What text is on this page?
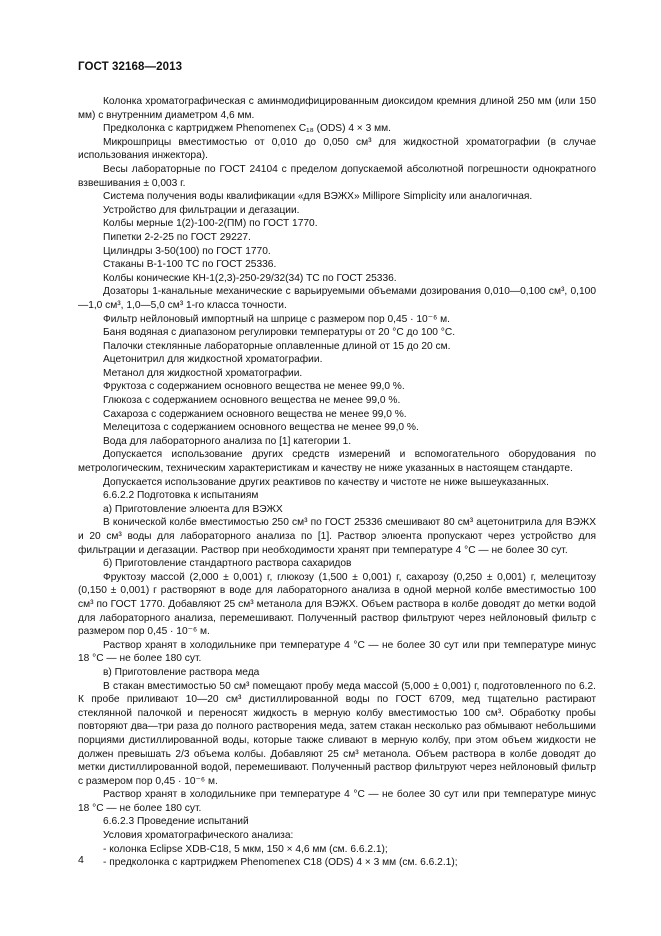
ГОСТ 32168—2013

Колонка хроматографическая с аминмодифицированным диоксидом кремния длиной 250 мм (или 150 мм) с внутренним диаметром 4,6 мм.

Предколонка с картриджем Phenomenex C₁₈ (ODS) 4 × 3 мм.

Микрошприцы вместимостью от 0,010 до 0,050 см³ для жидкостной хроматографии (в случае использования инжектора).

Весы лабораторные по ГОСТ 24104 с пределом допускаемой абсолютной погрешности однократного взвешивания ± 0,003 г.

Система получения воды квалификации «для ВЭЖХ» Millipore Simplicity или аналогичная.

Устройство для фильтрации и дегазации.

Колбы мерные 1(2)-100-2(ПМ) по ГОСТ 1770.

Пипетки 2-2-25 по ГОСТ 29227.

Цилиндры 3-50(100) по ГОСТ 1770.

Стаканы В-1-100 ТС по ГОСТ 25336.

Колбы конические КН-1(2,3)-250-29/32(34) ТС по ГОСТ 25336.

Дозаторы 1-канальные механические с варьируемыми объемами дозирования 0,010—0,100 см³, 0,100—1,0 см³, 1,0—5,0 см³ 1-го класса точности.

Фильтр нейлоновый импортный на шприце с размером пор 0,45 · 10⁻⁶ м.

Баня водяная с диапазоном регулировки температуры от 20 °С до 100 °С.

Палочки стеклянные лабораторные оплавленные длиной от 15 до 20 см.

Ацетонитрил для жидкостной хроматографии.

Метанол для жидкостной хроматографии.

Фруктоза с содержанием основного вещества не менее 99,0 %.

Глюкоза с содержанием основного вещества не менее 99,0 %.

Сахароза с содержанием основного вещества не менее 99,0 %.

Мелецитоза с содержанием основного вещества не менее 99,0 %.

Вода для лабораторного анализа по [1] категории 1.

Допускается использование других средств измерений и вспомогательного оборудования по метрологическим, техническим характеристикам и качеству не ниже указанных в настоящем стандарте.

Допускается использование других реактивов по качеству и чистоте не ниже вышеуказанных.

6.6.2.2 Подготовка к испытаниям

а) Приготовление элюента для ВЭЖХ

В конической колбе вместимостью 250 см³ по ГОСТ 25336 смешивают 80 см³ ацетонитрила для ВЭЖХ и 20 см³ воды для лабораторного анализа по [1]. Раствор элюента пропускают через устройство для фильтрации и дегазации. Раствор при необходимости хранят при температуре 4 °С — не более 30 сут.

б) Приготовление стандартного раствора сахаридов

Фруктозу массой (2,000 ± 0,001) г, глюкозу (1,500 ± 0,001) г, сахарозу (0,250 ± 0,001) г, мелецитозу (0,150 ± 0,001) г растворяют в воде для лабораторного анализа в одной мерной колбе вместимостью 100 см³ по ГОСТ 1770. Добавляют 25 см³ метанола для ВЭЖХ. Объем раствора в колбе доводят до метки водой для лабораторного анализа, перемешивают. Полученный раствор фильтруют через нейлоновый фильтр с размером пор 0,45 · 10⁻⁶ м.

Раствор хранят в холодильнике при температуре 4 °С — не более 30 сут или при температуре минус 18 °С — не более 180 сут.

в) Приготовление раствора меда

В стакан вместимостью 50 см³ помещают пробу меда массой (5,000 ± 0,001) г, подготовленного по 6.2. К пробе приливают 10—20 см³ дистиллированной воды по ГОСТ 6709, мед тщательно растирают стеклянной палочкой и переносят жидкость в мерную колбу вместимостью 100 см³. Обработку пробы повторяют два—три раза до полного растворения меда, затем стакан несколько раз обмывают небольшими порциями дистиллированной воды, которые также сливают в мерную колбу, при этом объем жидкости не должен превышать 2/3 объема колбы. Добавляют 25 см³ метанола. Объем раствора в колбе доводят до метки дистиллированной водой, перемешивают. Полученный раствор фильтруют через нейлоновый фильтр с размером пор 0,45 · 10⁻⁶ м.

Раствор хранят в холодильнике при температуре 4 °С — не более 30 сут или при температуре минус 18 °С — не более 180 сут.

6.6.2.3 Проведение испытаний

Условия хроматографического анализа:

- колонка Eclipse XDB-C18, 5 мкм, 150 × 4,6 мм (см. 6.6.2.1);

- предколонка с картриджем Phenomenex C18 (ODS) 4 × 3 мм (см. 6.6.2.1);

4
